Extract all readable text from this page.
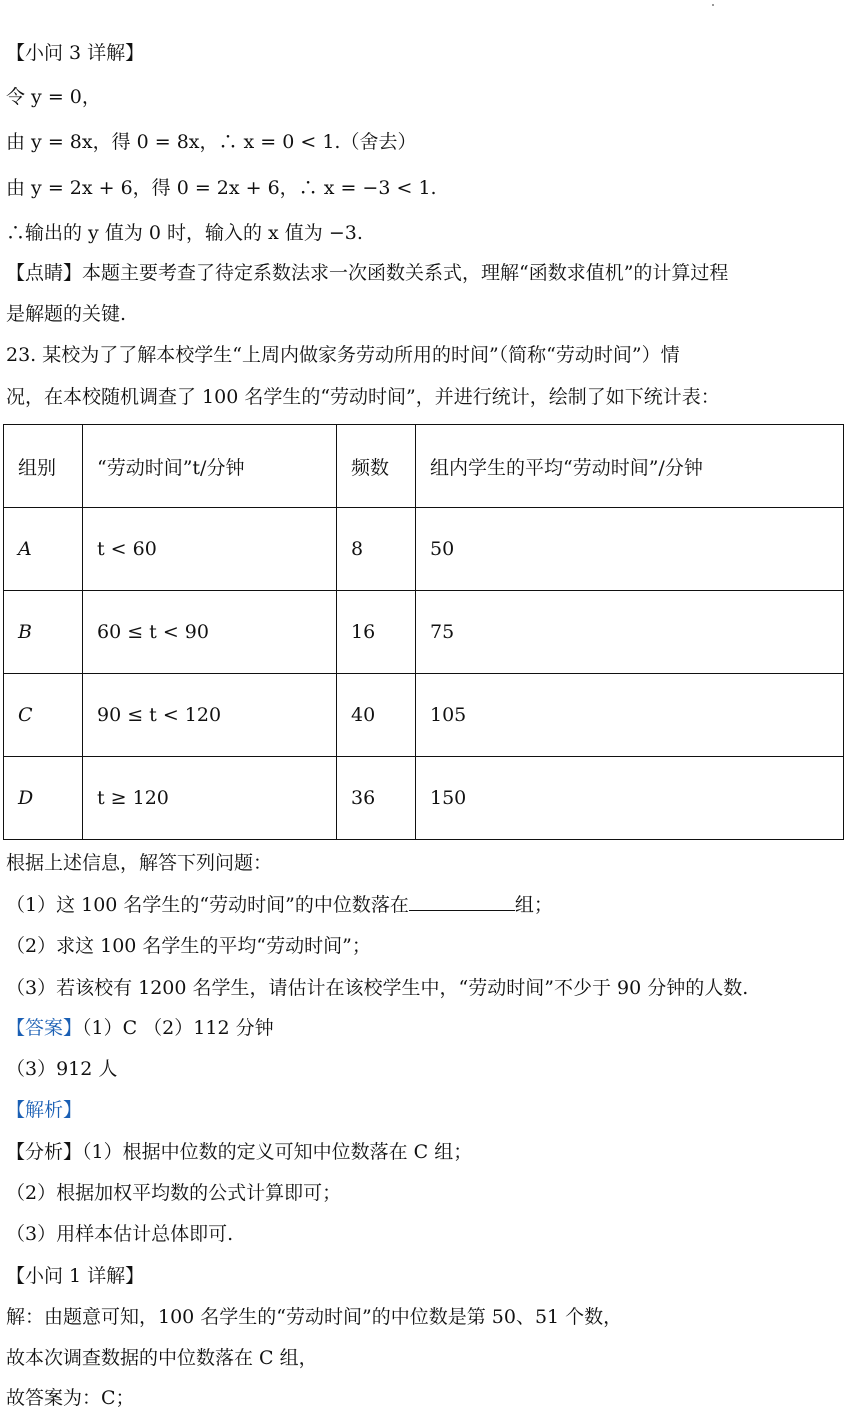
【小问 3 详解】
令 y = 0，
由 y = 8x，得 0 = 8x，∴ x = 0 < 1.（舍去）
由 y = 2x + 6，得 0 = 2x + 6，∴ x = −3 < 1.
∴输出的 y 值为 0 时，输入的 x 值为 −3.
【点睛】本题主要考查了待定系数法求一次函数关系式，理解“函数求值机”的计算过程
是解题的关键.
23. 某校为了了解本校学生“上周内做家务劳动所用的时间”（简称“劳动时间”）情
况，在本校随机调查了 100 名学生的“劳动时间”，并进行统计，绘制了如下统计表：
组别	“劳动时间”t/分钟	频数	组内学生的平均“劳动时间”/分钟
A	t < 60	8	50
B	60 ≤ t < 90	16	75
C	90 ≤ t < 120	40	105
D	t ≥ 120	36	150
根据上述信息，解答下列问题：
（1）这 100 名学生的“劳动时间”的中位数落在	组；
（2）求这 100 名学生的平均“劳动时间”；
（3）若该校有 1200 名学生，请估计在该校学生中，“劳动时间”不少于 90 分钟的人数.
【答案】（1）C （2）112 分钟
（3）912 人
【解析】
【分析】（1）根据中位数的定义可知中位数落在 C 组；
（2）根据加权平均数的公式计算即可；
（3）用样本估计总体即可.
【小问 1 详解】
解：由题意可知，100 名学生的“劳动时间”的中位数是第 50、51 个数，
故本次调查数据的中位数落在 C 组，
故答案为：C；
